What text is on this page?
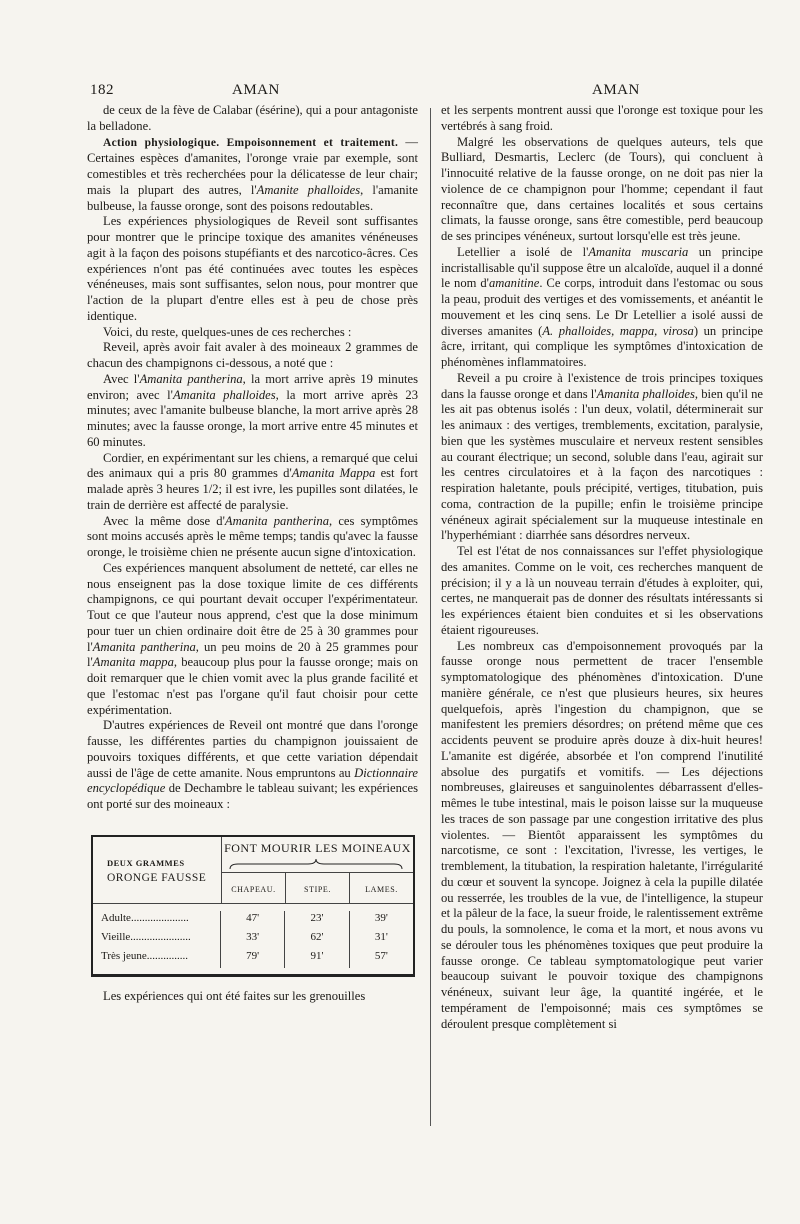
182	AMAN	AMAN

de ceux de la fève de Calabar (ésérine), qui a pour antagoniste la belladone.

Action physiologique. Empoisonnement et traitement. — Certaines espèces d'amanites, l'oronge vraie par exemple, sont comestibles et très recherchées pour la délicatesse de leur chair; mais la plupart des autres, l'Amanite phalloides, l'amanite bulbeuse, la fausse oronge, sont des poisons redoutables.

Les expériences physiologiques de Reveil sont suffisantes pour montrer que le principe toxique des amanites vénéneuses agit à la façon des poisons stupéfiants et des narcotico-âcres. Ces expériences n'ont pas été continuées avec toutes les espèces vénéneuses, mais sont suffisantes, selon nous, pour montrer que l'action de la plupart d'entre elles est à peu de chose près identique.

Voici, du reste, quelques-unes de ces recherches :

Reveil, après avoir fait avaler à des moineaux 2 grammes de chacun des champignons ci-dessous, a noté que :

Avec l'Amanita pantherina, la mort arrive après 19 minutes environ; avec l'Amanita phalloides, la mort arrive après 23 minutes; avec l'amanite bulbeuse blanche, la mort arrive après 28 minutes; avec la fausse oronge, la mort arrive entre 45 minutes et 60 minutes.

Cordier, en expérimentant sur les chiens, a remarqué que celui des animaux qui a pris 80 grammes d'Amanita Mappa est fort malade après 3 heures 1/2; il est ivre, les pupilles sont dilatées, le train de derrière est affecté de paralysie.

Avec la même dose d'Amanita pantherina, ces symptômes sont moins accusés après le même temps; tandis qu'avec la fausse oronge, le troisième chien ne présente aucun signe d'intoxication.

Ces expériences manquent absolument de netteté, car elles ne nous enseignent pas la dose toxique limite de ces différents champignons, ce qui pourtant devait occuper l'expérimentateur. Tout ce que l'auteur nous apprend, c'est que la dose minimum pour tuer un chien ordinaire doit être de 25 à 30 grammes pour l'Amanita pantherina, un peu moins de 20 à 25 grammes pour l'Amanita mappa, beaucoup plus pour la fausse oronge; mais on doit remarquer que le chien vomit avec la plus grande facilité et que l'estomac n'est pas l'organe qu'il faut choisir pour cette expérimentation.

D'autres expériences de Reveil ont montré que dans l'oronge fausse, les différentes parties du champignon jouissaient de pouvoirs toxiques différents, et que cette variation dépendait aussi de l'âge de cette amanite. Nous empruntons au Dictionnaire encyclopédique de Dechambre le tableau suivant; les expériences ont porté sur des moineaux :

DEUX GRAMMES
ORONGE FAUSSE
FONT MOURIR LES MOINEAUX
CHAPEAU.	STIPE.	LAMES.
Adulte.....................	47'	23'	39'
Vieille......................	33'	62'	31'
Très jeune...............	79'	91'	57'

Les expériences qui ont été faites sur les grenouilles

et les serpents montrent aussi que l'oronge est toxique pour les vertébrés à sang froid.

Malgré les observations de quelques auteurs, tels que Bulliard, Desmartis, Leclerc (de Tours), qui concluent à l'innocuité relative de la fausse oronge, on ne doit pas nier la violence de ce champignon pour l'homme; cependant il faut reconnaître que, dans certaines localités et sous certains climats, la fausse oronge, sans être comestible, perd beaucoup de ses principes vénéneux, surtout lorsqu'elle est très jeune.

Letellier a isolé de l'Amanita muscaria un principe incristallisable qu'il suppose être un alcaloïde, auquel il a donné le nom d'amanitine. Ce corps, introduit dans l'estomac ou sous la peau, produit des vertiges et des vomissements, et anéantit le mouvement et les cinq sens. Le Dr Letellier a isolé aussi de diverses amanites (A. phalloides, mappa, virosa) un principe âcre, irritant, qui complique les symptômes d'intoxication de phénomènes inflammatoires.

Reveil a pu croire à l'existence de trois principes toxiques dans la fausse oronge et dans l'Amanita phalloides, bien qu'il ne les ait pas obtenus isolés : l'un deux, volatil, déterminerait sur les animaux : des vertiges, tremblements, excitation, paralysie, bien que les systèmes musculaire et nerveux restent sensibles au courant électrique; un second, soluble dans l'eau, agirait sur les centres circulatoires et à la façon des narcotiques : respiration haletante, pouls précipité, vertiges, titubation, puis coma, contraction de la pupille; enfin le troisième principe vénéneux agirait spécialement sur la muqueuse intestinale en l'hyperhémiant : diarrhée sans désordres nerveux.

Tel est l'état de nos connaissances sur l'effet physiologique des amanites. Comme on le voit, ces recherches manquent de précision; il y a là un nouveau terrain d'études à exploiter, qui, certes, ne manquerait pas de donner des résultats intéressants si les expériences étaient bien conduites et si les observations étaient rigoureuses.

Les nombreux cas d'empoisonnement provoqués par la fausse oronge nous permettent de tracer l'ensemble symptomatologique des phénomènes d'intoxication. D'une manière générale, ce n'est que plusieurs heures, six heures quelquefois, après l'ingestion du champignon, que se manifestent les premiers désordres; on prétend même que ces accidents peuvent se produire après douze à dix-huit heures! L'amanite est digérée, absorbée et l'on comprend l'inutilité absolue des purgatifs et vomitifs. — Les déjections nombreuses, glaireuses et sanguinolentes débarrassent d'elles-mêmes le tube intestinal, mais le poison laisse sur la muqueuse les traces de son passage par une congestion irritative des plus violentes. — Bientôt apparaissent les symptômes du narcotisme, ce sont : l'excitation, l'ivresse, les vertiges, le tremblement, la titubation, la respiration haletante, l'irrégularité du cœur et souvent la syncope. Joignez à cela la pupille dilatée ou resserrée, les troubles de la vue, de l'intelligence, la stupeur et la pâleur de la face, la sueur froide, le ralentissement extrême du pouls, la somnolence, le coma et la mort, et nous avons vu se dérouler tous les phénomènes toxiques que peut produire la fausse oronge. Ce tableau symptomatologique peut varier beaucoup suivant le pouvoir toxique des champignons vénéneux, suivant leur âge, la quantité ingérée, et le tempérament de l'empoisonné; mais ces symptômes se déroulent presque complètement si
